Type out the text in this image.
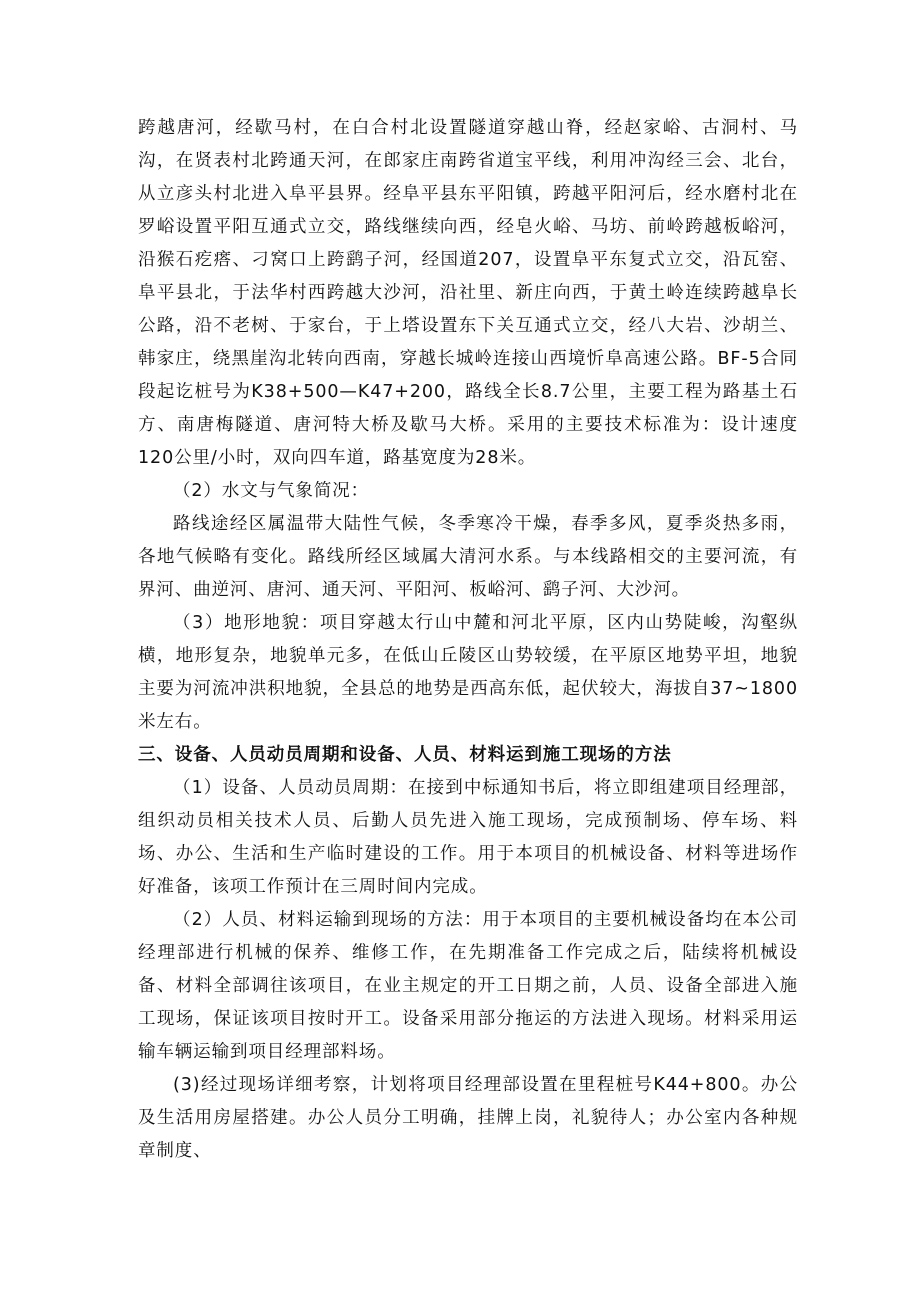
跨越唐河，经歇马村，在白合村北设置隧道穿越山脊，经赵家峪、古洞村、马沟，在贤表村北跨通天河，在郎家庄南跨省道宝平线，利用冲沟经三会、北台，从立彦头村北进入阜平县界。经阜平县东平阳镇，跨越平阳河后，经水磨村北在罗峪设置平阳互通式立交，路线继续向西，经皂火峪、马坊、前岭跨越板峪河，沿猴石疙瘩、刁窝口上跨鹞子河，经国道207，设置阜平东复式立交，沿瓦窑、阜平县北，于法华村西跨越大沙河，沿社里、新庄向西，于黄土岭连续跨越阜长公路，沿不老树、于家台，于上塔设置东下关互通式立交，经八大岩、沙胡兰、韩家庄，绕黑崖沟北转向西南，穿越长城岭连接山西境忻阜高速公路。BF-5合同段起讫桩号为K38+500—K47+200，路线全长8.7公里，主要工程为路基土石方、南唐梅隧道、唐河特大桥及歇马大桥。采用的主要技术标准为：设计速度120公里/小时，双向四车道，路基宽度为28米。

（2）水文与气象简况：

路线途经区属温带大陆性气候，冬季寒冷干燥，春季多风，夏季炎热多雨，各地气候略有变化。路线所经区域属大清河水系。与本线路相交的主要河流，有界河、曲逆河、唐河、通天河、平阳河、板峪河、鹞子河、大沙河。

（3）地形地貌：项目穿越太行山中麓和河北平原，区内山势陡峻，沟壑纵横，地形复杂，地貌单元多，在低山丘陵区山势较缓，在平原区地势平坦，地貌主要为河流冲洪积地貌，全县总的地势是西高东低，起伏较大，海拔自37~1800米左右。

三、设备、人员动员周期和设备、人员、材料运到施工现场的方法

（1）设备、人员动员周期：在接到中标通知书后，将立即组建项目经理部，组织动员相关技术人员、后勤人员先进入施工现场，完成预制场、停车场、料场、办公、生活和生产临时建设的工作。用于本项目的机械设备、材料等进场作好准备，该项工作预计在三周时间内完成。

（2）人员、材料运输到现场的方法：用于本项目的主要机械设备均在本公司经理部进行机械的保养、维修工作，在先期准备工作完成之后，陆续将机械设备、材料全部调往该项目，在业主规定的开工日期之前，人员、设备全部进入施工现场，保证该项目按时开工。设备采用部分拖运的方法进入现场。材料采用运输车辆运输到项目经理部料场。

(3)经过现场详细考察，计划将项目经理部设置在里程桩号K44+800。办公及生活用房屋搭建。办公人员分工明确，挂牌上岗，礼貌待人；办公室内各种规章制度、
